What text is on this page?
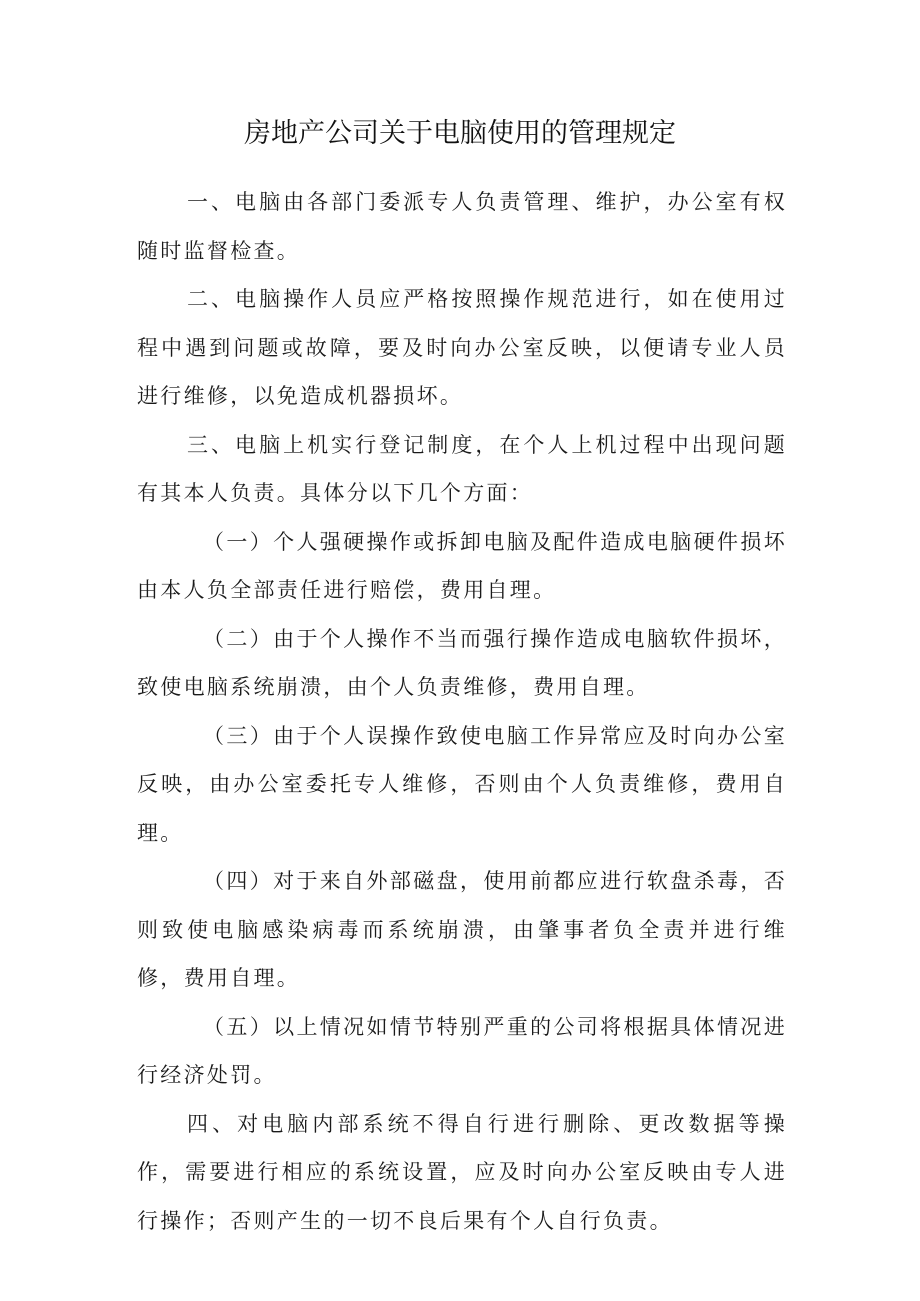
房地产公司关于电脑使用的管理规定

一、电脑由各部门委派专人负责管理、维护，办公室有权随时监督检查。

二、电脑操作人员应严格按照操作规范进行，如在使用过程中遇到问题或故障，要及时向办公室反映，以便请专业人员进行维修，以免造成机器损坏。

三、电脑上机实行登记制度，在个人上机过程中出现问题有其本人负责。具体分以下几个方面：

（一）个人强硬操作或拆卸电脑及配件造成电脑硬件损坏由本人负全部责任进行赔偿，费用自理。

（二）由于个人操作不当而强行操作造成电脑软件损坏，致使电脑系统崩溃，由个人负责维修，费用自理。

（三）由于个人误操作致使电脑工作异常应及时向办公室反映，由办公室委托专人维修，否则由个人负责维修，费用自理。

（四）对于来自外部磁盘，使用前都应进行软盘杀毒，否则致使电脑感染病毒而系统崩溃，由肇事者负全责并进行维修，费用自理。

（五）以上情况如情节特别严重的公司将根据具体情况进行经济处罚。

四、对电脑内部系统不得自行进行删除、更改数据等操作，需要进行相应的系统设置，应及时向办公室反映由专人进行操作；否则产生的一切不良后果有个人自行负责。
